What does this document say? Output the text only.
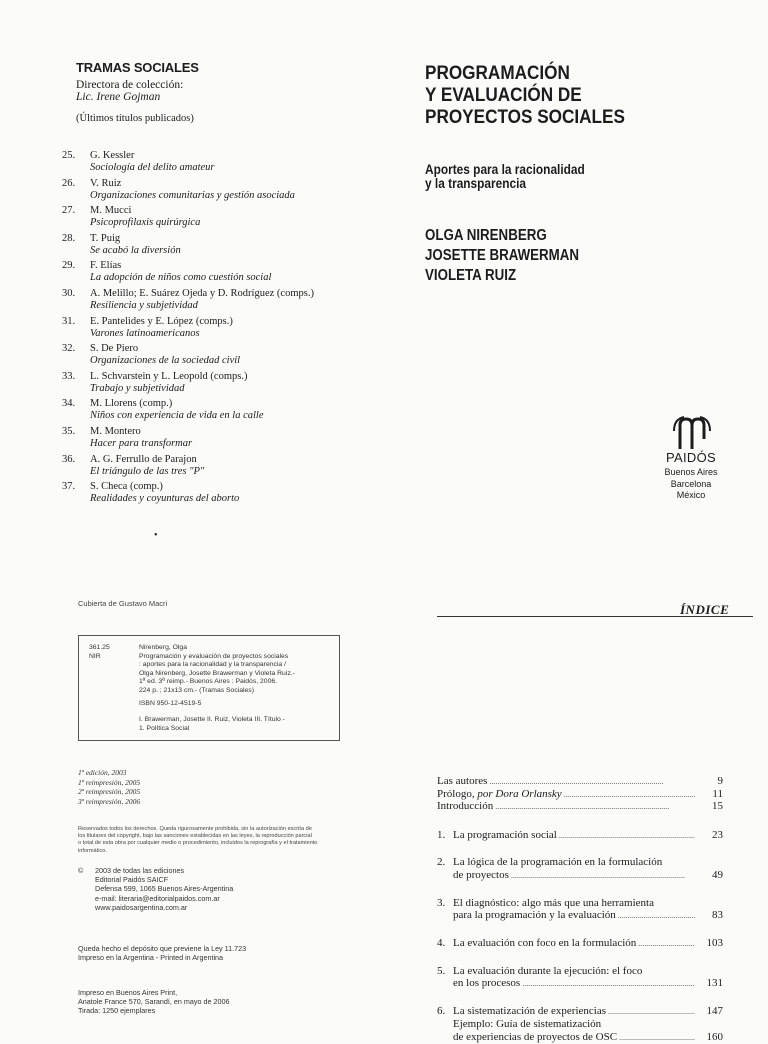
TRAMAS SOCIALES
Directora de colección:
Lic. Irene Gojman
(Últimos títulos publicados)
25. G. Kessler
Sociología del delito amateur
26. V. Ruiz
Organizaciones comunitarias y gestión asociada
27. M. Mucci
Psicoprofilaxis quirúrgica
28. T. Puig
Se acabó la diversión
29. F. Elías
La adopción de niños como cuestión social
30. A. Melillo; E. Suárez Ojeda y D. Rodríguez (comps.)
Resiliencia y subjetividad
31. E. Pantelides y E. López (comps.)
Varones latinoamericanos
32. S. De Piero
Organizaciones de la sociedad civil
33. L. Schvarstein y L. Leopold (comps.)
Trabajo y subjetividad
34. M. Llorens (comp.)
Niños con experiencia de vida en la calle
35. M. Montero
Hacer para transformar
36. A. G. Ferrullo de Parajon
El triángulo de las tres "P"
37. S. Checa (comp.)
Realidades y coyunturas del aborto
PROGRAMACIÓN
Y EVALUACIÓN DE
PROYECTOS SOCIALES
Aportes para la racionalidad
y la transparencia
OLGA NIRENBERG
JOSETTE BRAWERMAN
VIOLETA RUIZ
PAIDÓS
Buenos Aires
Barcelona
México
•
Cubierta de Gustavo Macri
361.25
NIR
Nirenberg, Olga
Programación y evaluación de proyectos sociales
: aportes para la racionalidad y la transparencia /
Olga Nirenberg, Josette Brawerman y Violeta Ruiz.-
1ª ed. 3ª reimp.- Buenos Aires : Paidós, 2006.
224 p. ; 21x13 cm.- (Tramas Sociales)
ISBN 950-12-4519-5
I. Brawerman, Josette II. Ruiz, Violeta III. Título -
1. Política Social
1ª edición, 2003
1ª reimpresión, 2005
2ª reimpresión, 2005
3ª reimpresión, 2006
Reservados todos los derechos. Queda rigurosamente prohibida, sin la autorización escrita de
los titulares del copyright, bajo las sanciones establecidas en las leyes, la reproducción parcial
o total de esta obra por cualquier medio o procedimiento, incluidos la reprografía y el tratamiento
informático.
© 2003 de todas las ediciones
Editorial Paidós SAICF
Defensa 599, 1065 Buenos Aires-Argentina
e-mail: literaria@editorialpaidos.com.ar
www.paidosargentina.com.ar
Queda hecho el depósito que previene la Ley 11.723
Impreso en la Argentina - Printed in Argentina
Impreso en Buenos Aires Print,
Anatole France 570, Sarandí, en mayo de 2006
Tirada: 1250 ejemplares
ÍNDICE
Las autores . . .	9
Prólogo, por Dora Orlansky . . .	11
Introducción . . .	15
1. La programación social . . .	23
2. La lógica de la programación en la formulación
de proyectos . . .	49
3. El diagnóstico: algo más que una herramienta
para la programación y la evaluación . . .	83
4. La evaluación con foco en la formulación . . .	103
5. La evaluación durante la ejecución: el foco
en los procesos . . .	131
6. La sistematización de experiencias . . .	147
Ejemplo: Guía de sistematización
de experiencias de proyectos de OSC . . .	160
